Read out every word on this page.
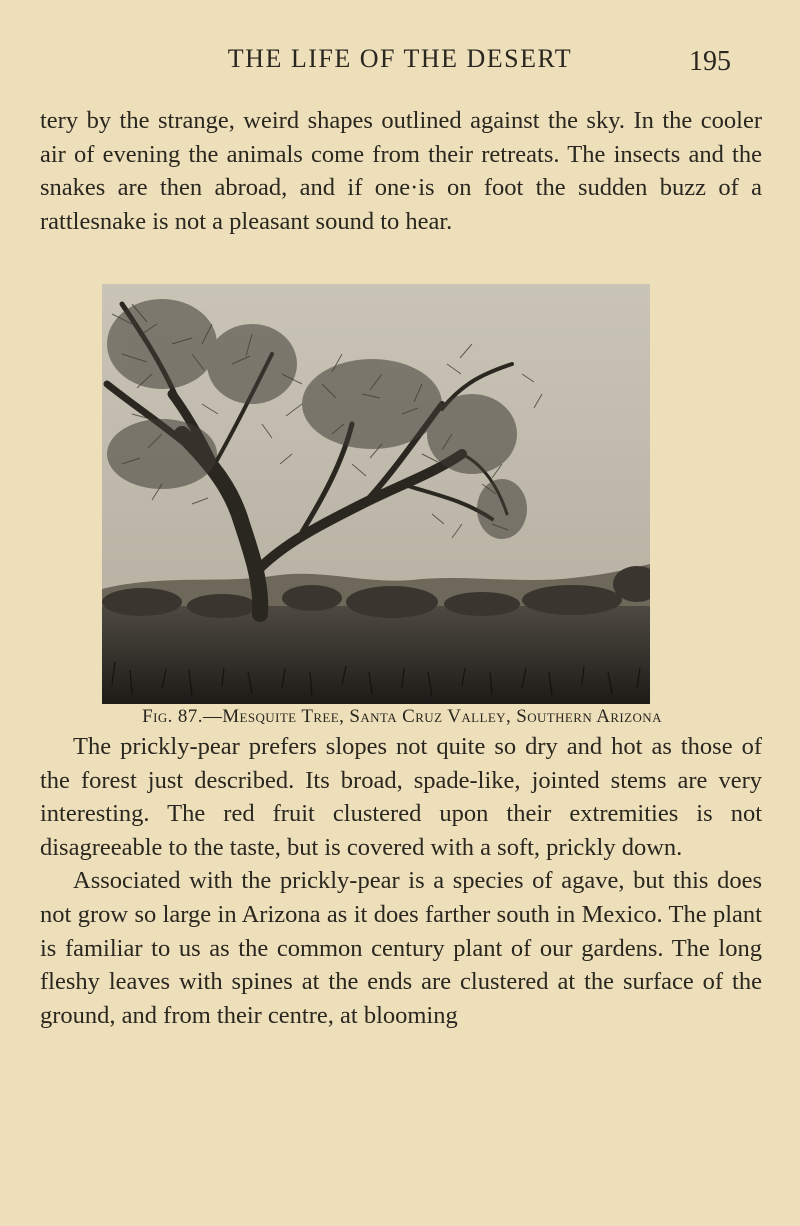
THE LIFE OF THE DESERT	195

tery by the strange, weird shapes outlined against the sky. In the cooler air of evening the animals come from their retreats. The insects and the snakes are then abroad, and if one·is on foot the sudden buzz of a rattlesnake is not a pleasant sound to hear.

Fig. 87.—Mesquite Tree, Santa Cruz Valley, Southern Arizona

The prickly-pear prefers slopes not quite so dry and hot as those of the forest just described. Its broad, spade-like, jointed stems are very interesting. The red fruit clustered upon their extremities is not disagreeable to the taste, but is covered with a soft, prickly down.

Associated with the prickly-pear is a species of agave, but this does not grow so large in Arizona as it does farther south in Mexico. The plant is familiar to us as the common century plant of our gardens. The long fleshy leaves with spines at the ends are clustered at the surface of the ground, and from their centre, at blooming
